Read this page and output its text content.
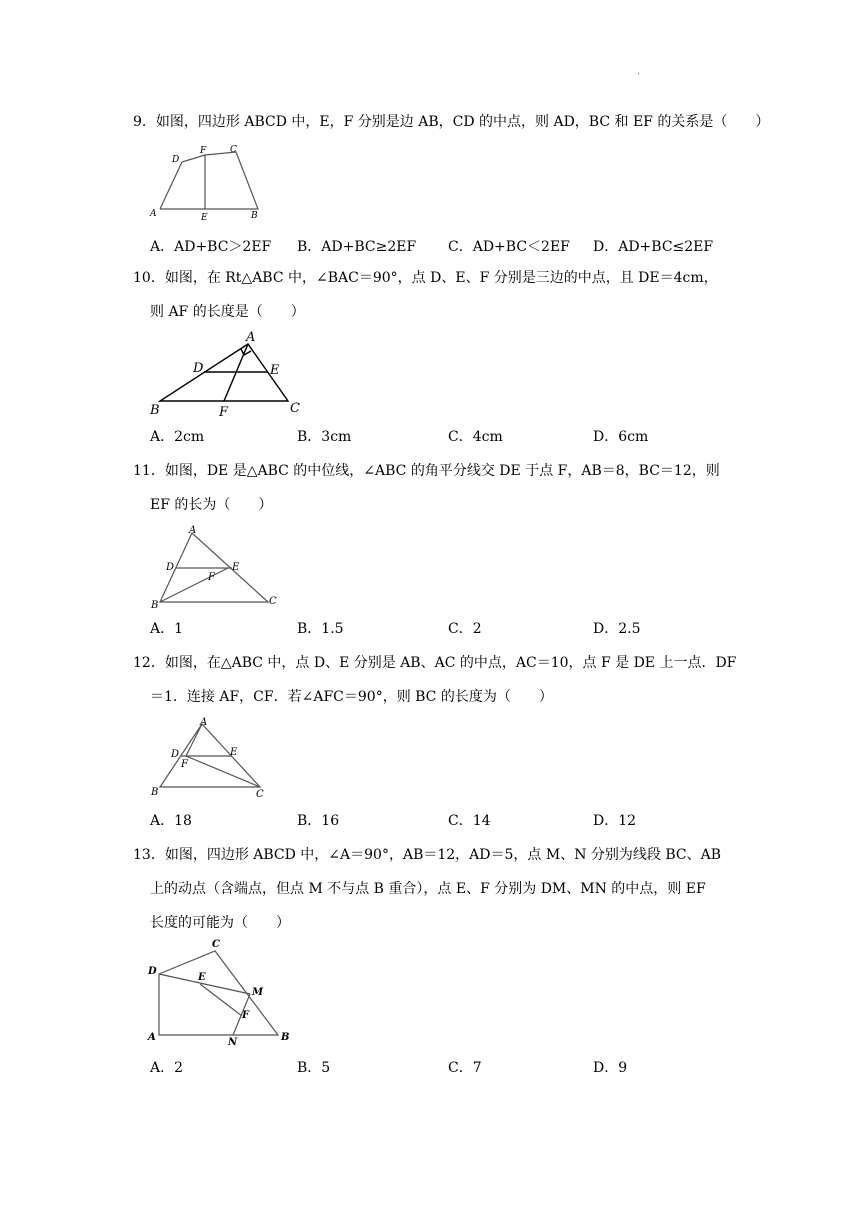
.
9．如图，四边形 ABCD 中，E，F 分别是边 AB，CD 的中点，则 AD，BC 和 EF 的关系是（　　）
D
F	C
A	E	B
A．AD+BC＞2EF B．AD+BC≥2EF C．AD+BC＜2EF D．AD+BC≤2EF
10．如图，在 Rt△ABC 中，∠BAC＝90°，点 D、E、F 分别是三边的中点，且 DE＝4cm，
则 AF 的长度是（　　）
A
D	E
B	F	C
A．2cm	B．3cm	C．4cm	D．6cm
11．如图，DE 是△ABC 的中位线，∠ABC 的角平分线交 DE 于点 F，AB＝8，BC＝12，则
EF 的长为（　　）
A
D	E
F
B	C
A．1	B．1.5	C．2	D．2.5
12．如图，在△ABC 中，点 D、E 分别是 AB、AC 的中点，AC＝10，点 F 是 DE 上一点．DF
＝1．连接 AF，CF．若∠AFC＝90°，则 BC 的长度为（　　）
A
D	E
F
B	C
A．18	B．16	C．14	D．12
13．如图，四边形 ABCD 中，∠A＝90°，AB＝12，AD＝5，点 M、N 分别为线段 BC、AB
上的动点（含端点，但点 M 不与点 B 重合），点 E、F 分别为 DM、MN 的中点，则 EF
长度的可能为（　　）
C
D
E
M
F
A	N	B
A．2	B．5	C．7	D．9
